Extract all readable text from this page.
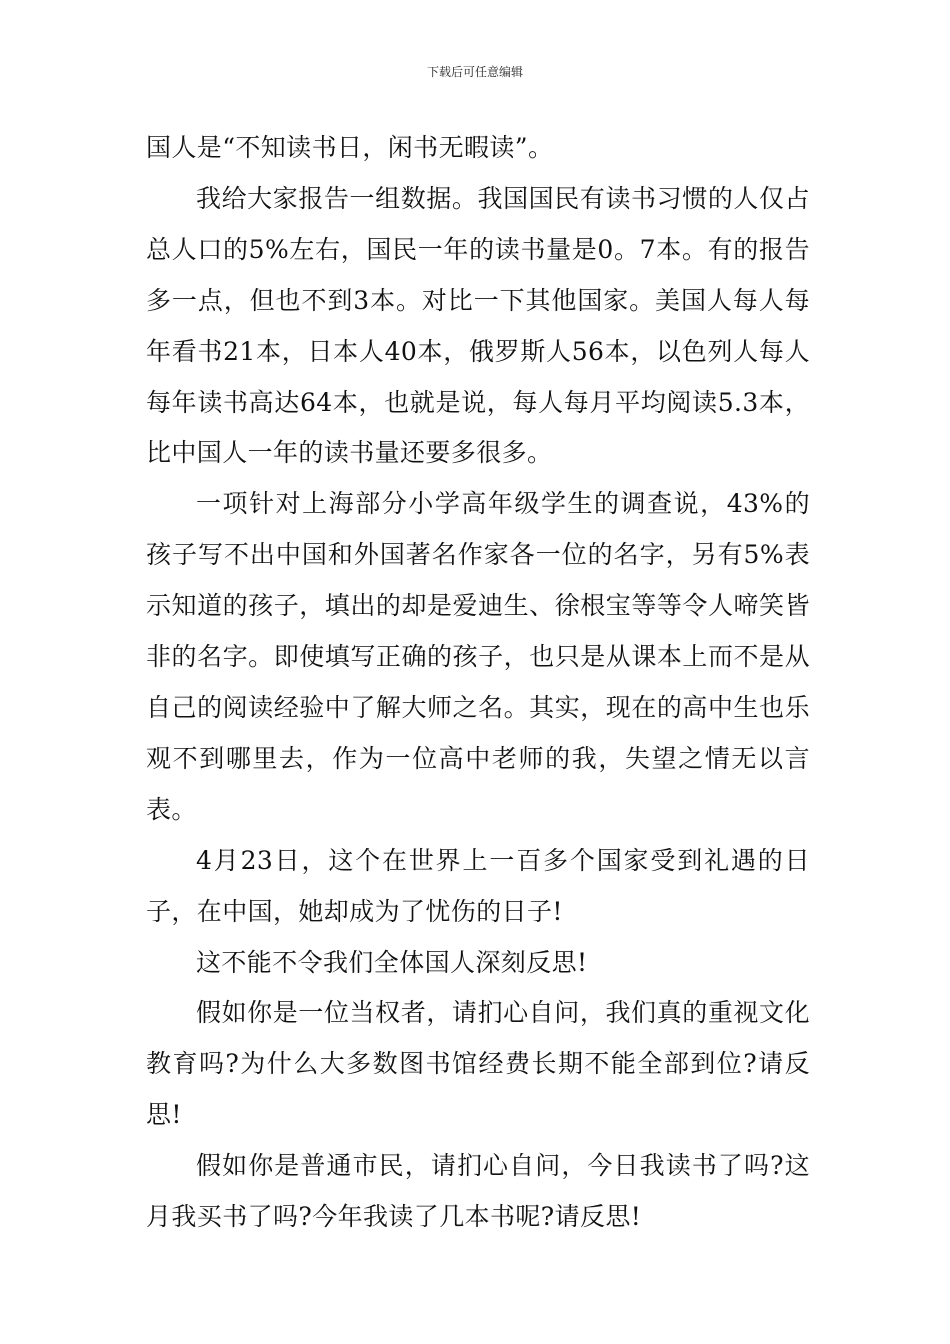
下载后可任意编辑

国人是“不知读书日，闲书无暇读”。

我给大家报告一组数据。我国国民有读书习惯的人仅占总人口的5%左右，国民一年的读书量是0。7本。有的报告多一点，但也不到3本。对比一下其他国家。美国人每人每年看书21本，日本人40本，俄罗斯人56本，以色列人每人每年读书高达64本，也就是说，每人每月平均阅读5.3本，比中国人一年的读书量还要多很多。

一项针对上海部分小学高年级学生的调查说，43%的孩子写不出中国和外国著名作家各一位的名字，另有5%表示知道的孩子，填出的却是爱迪生、徐根宝等等令人啼笑皆非的名字。即使填写正确的孩子，也只是从课本上而不是从自己的阅读经验中了解大师之名。其实，现在的高中生也乐观不到哪里去，作为一位高中老师的我，失望之情无以言表。

4月23日，这个在世界上一百多个国家受到礼遇的日子，在中国，她却成为了忧伤的日子!

这不能不令我们全体国人深刻反思!

假如你是一位当权者，请扪心自问，我们真的重视文化教育吗?为什么大多数图书馆经费长期不能全部到位?请反思!

假如你是普通市民，请扪心自问，今日我读书了吗?这月我买书了吗?今年我读了几本书呢?请反思!
